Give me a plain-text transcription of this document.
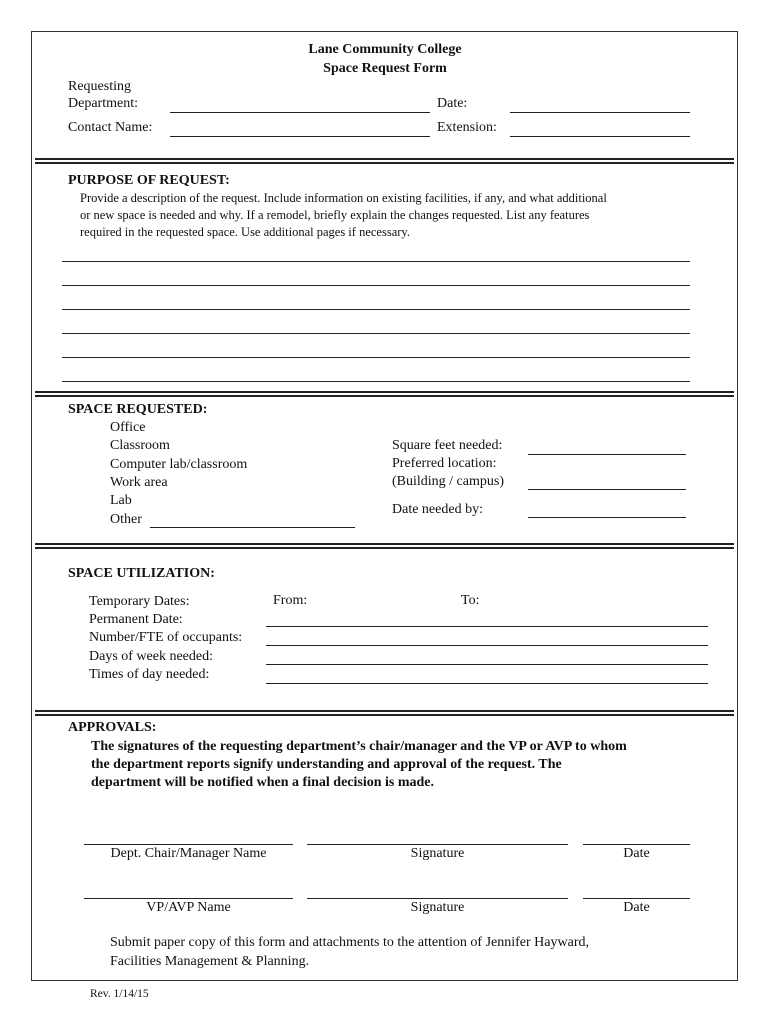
Lane Community College
Space Request Form
Requesting
Department:	Date:
Contact Name:	Extension:
PURPOSE OF REQUEST:
Provide a description of the request. Include information on existing facilities, if any, and what additional
or new space is needed and why. If a remodel, briefly explain the changes requested. List any features
required in the requested space. Use additional pages if necessary.
SPACE REQUESTED:
Office
Classroom
Computer lab/classroom
Work area
Lab
Other
Square feet needed:
Preferred location:
(Building / campus)
Date needed by:
SPACE UTILIZATION:
Temporary Dates:	From:	To:
Permanent Date:
Number/FTE of occupants:
Days of week needed:
Times of day needed:
APPROVALS:
The signatures of the requesting department’s chair/manager and the VP or AVP to whom
the department reports signify understanding and approval of the request. The
department will be notified when a final decision is made.
Dept. Chair/Manager Name	Signature	Date
VP/AVP Name	Signature	Date
Submit paper copy of this form and attachments to the attention of Jennifer Hayward,
Facilities Management & Planning.
Rev. 1/14/15
